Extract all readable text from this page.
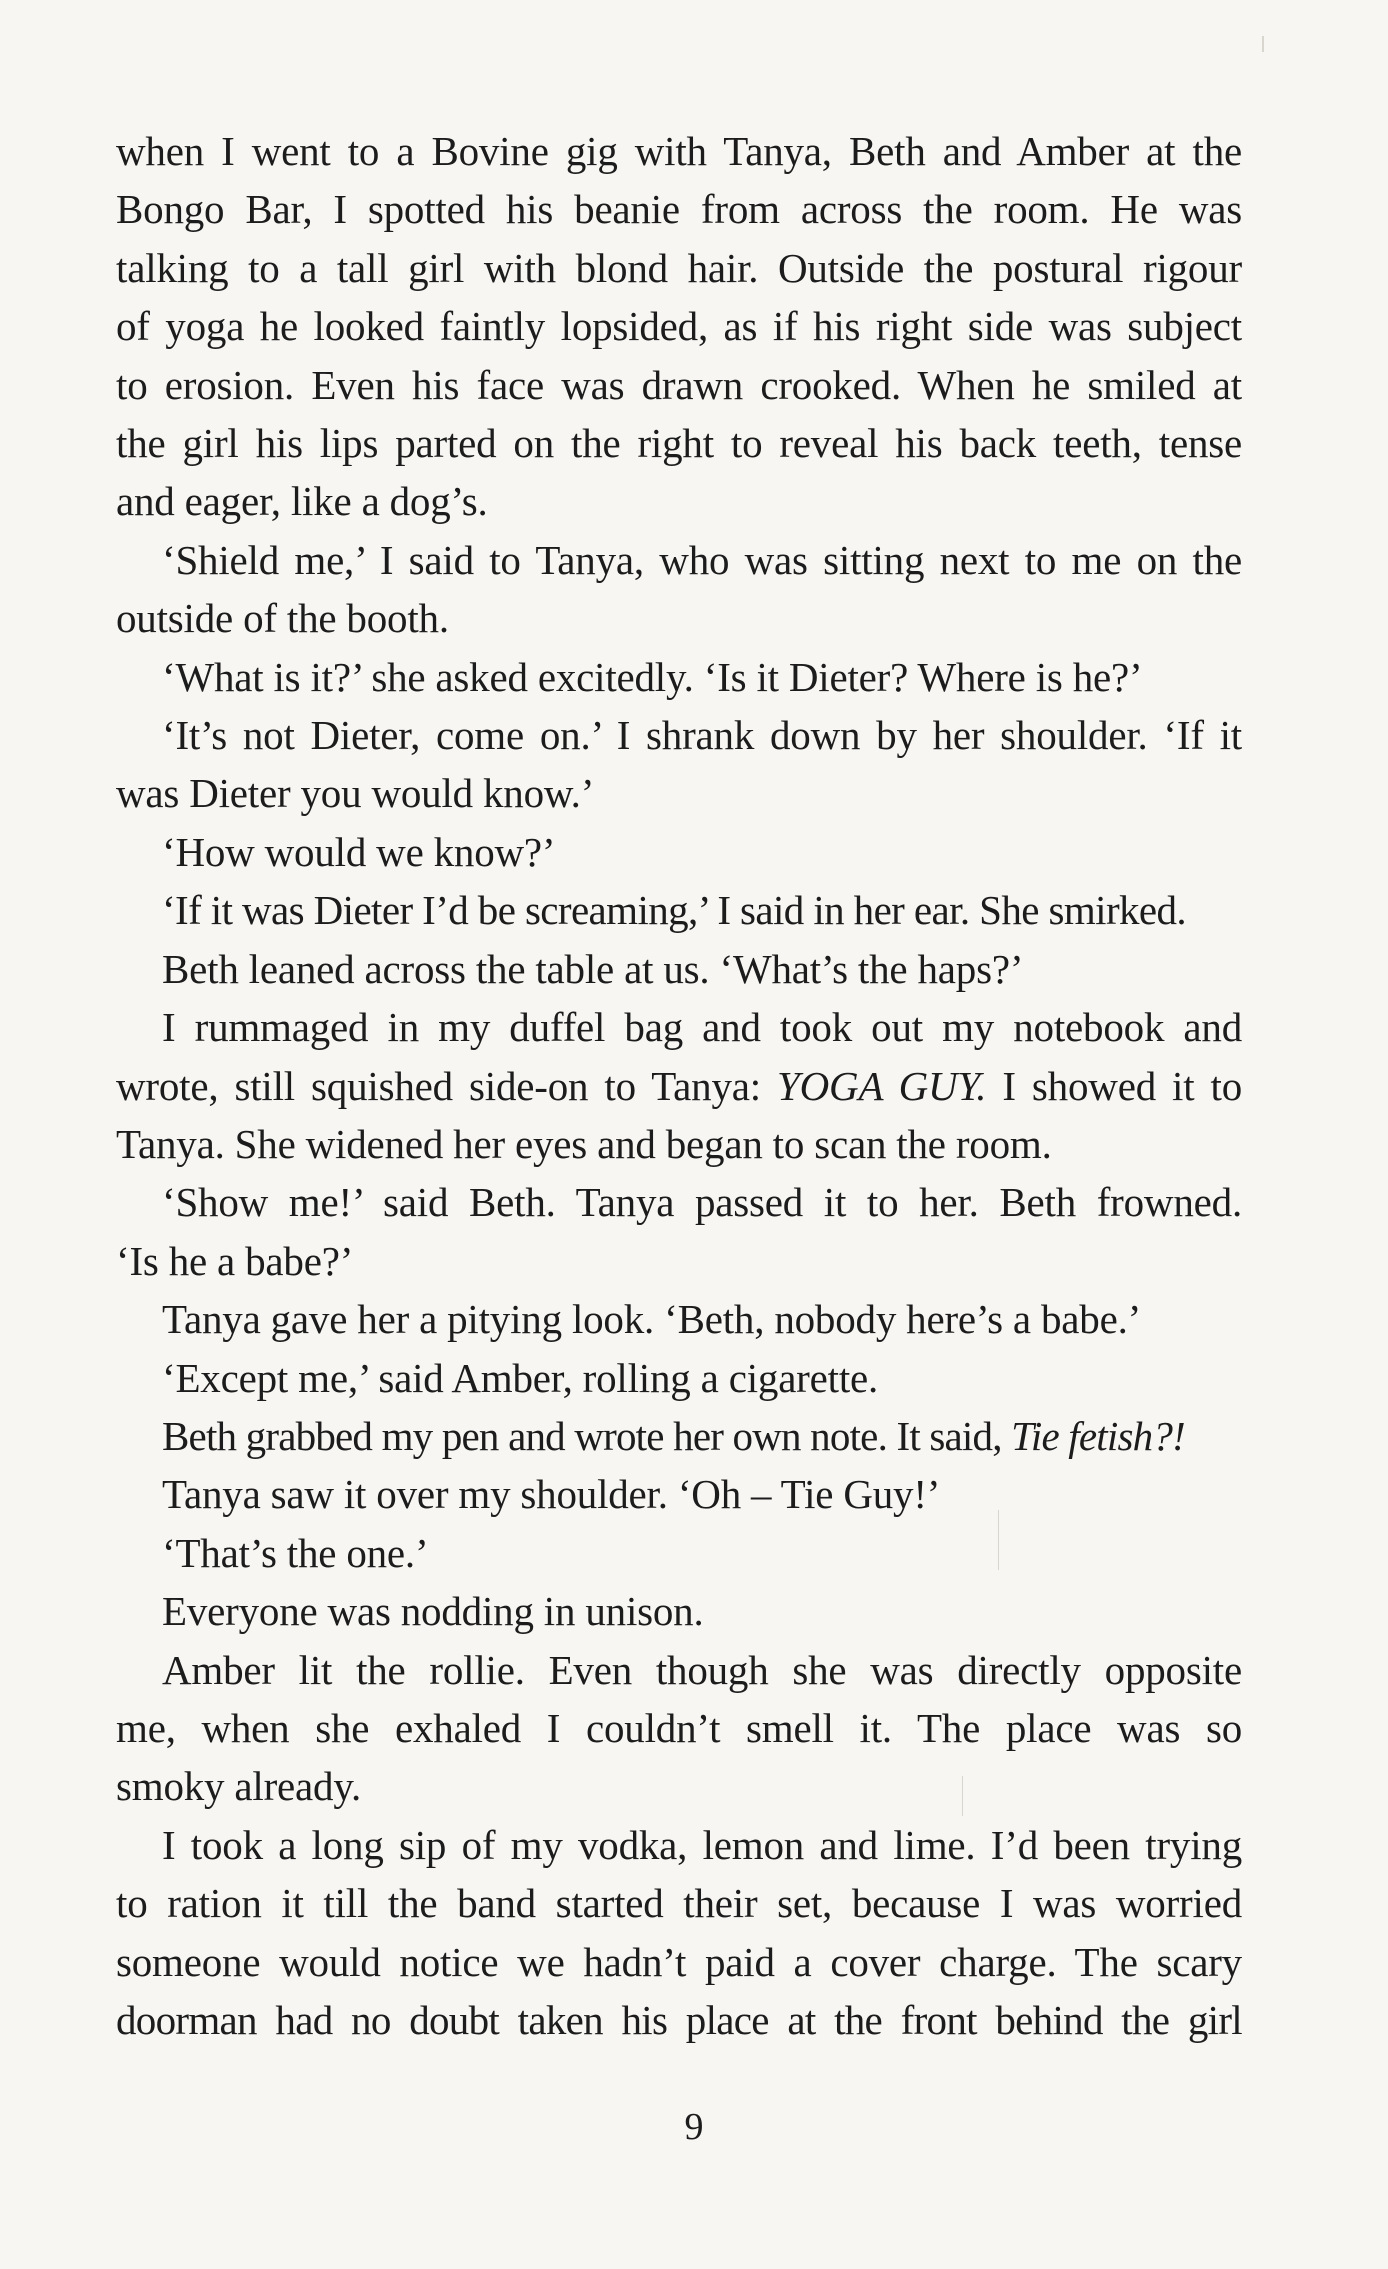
when I went to a Bovine gig with Tanya, Beth and Amber at the
Bongo Bar, I spotted his beanie from across the room. He was
talking to a tall girl with blond hair. Outside the postural rigour
of yoga he looked faintly lopsided, as if his right side was subject
to erosion. Even his face was drawn crooked. When he smiled at
the girl his lips parted on the right to reveal his back teeth, tense
and eager, like a dog’s.

‘Shield me,’ I said to Tanya, who was sitting next to me on the
outside of the booth.

‘What is it?’ she asked excitedly. ‘Is it Dieter? Where is he?’

‘It’s not Dieter, come on.’ I shrank down by her shoulder. ‘If it
was Dieter you would know.’

‘How would we know?’

‘If it was Dieter I’d be screaming,’ I said in her ear. She smirked.

Beth leaned across the table at us. ‘What’s the haps?’

I rummaged in my duffel bag and took out my notebook and
wrote, still squished side-on to Tanya: YOGA GUY. I showed it to
Tanya. She widened her eyes and began to scan the room.

‘Show me!’ said Beth. Tanya passed it to her. Beth frowned.
‘Is he a babe?’

Tanya gave her a pitying look. ‘Beth, nobody here’s a babe.’

‘Except me,’ said Amber, rolling a cigarette.

Beth grabbed my pen and wrote her own note. It said, Tie fetish?!

Tanya saw it over my shoulder. ‘Oh – Tie Guy!’

‘That’s the one.’

Everyone was nodding in unison.

Amber lit the rollie. Even though she was directly opposite
me, when she exhaled I couldn’t smell it. The place was so
smoky already.

I took a long sip of my vodka, lemon and lime. I’d been trying
to ration it till the band started their set, because I was worried
someone would notice we hadn’t paid a cover charge. The scary
doorman had no doubt taken his place at the front behind the girl

9
